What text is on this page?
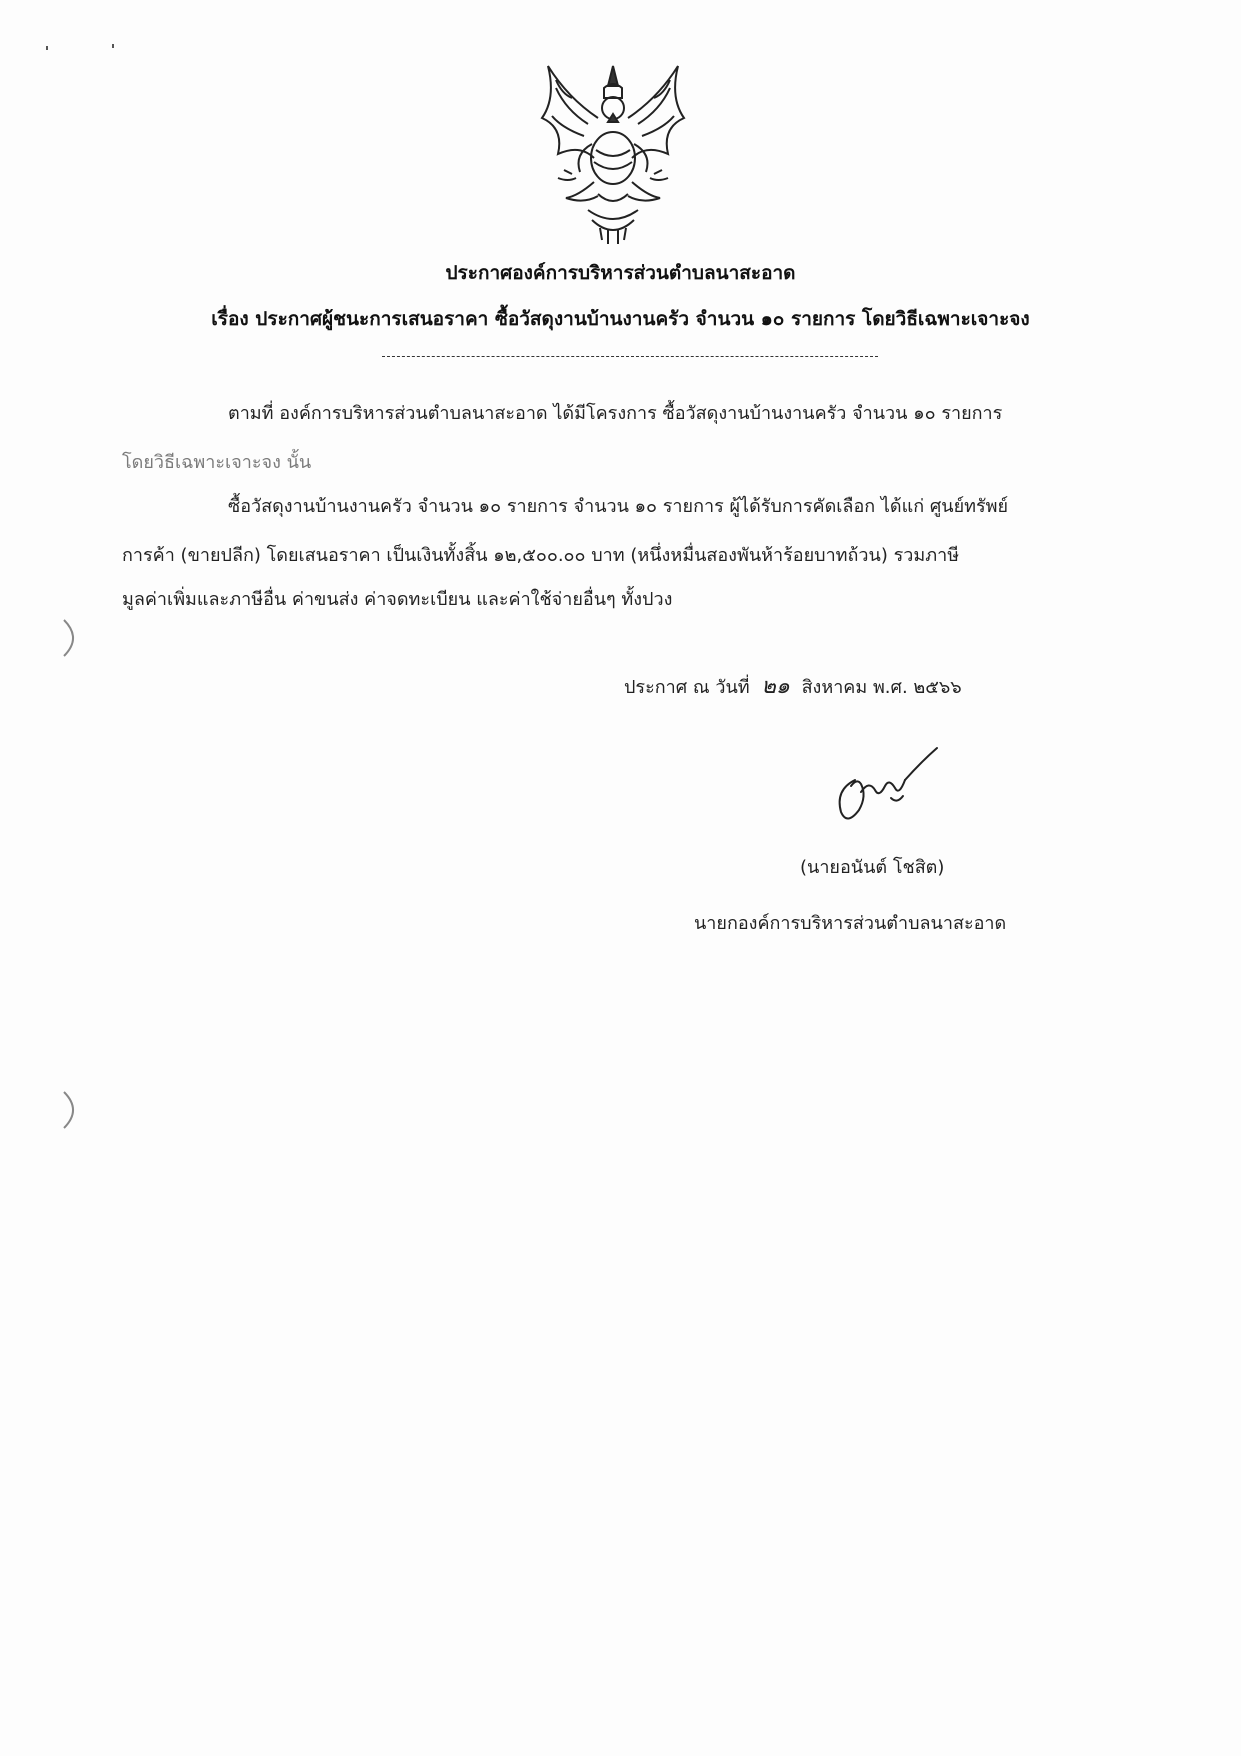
ประกาศองค์การบริหารส่วนตำบลนาสะอาด
เรื่อง ประกาศผู้ชนะการเสนอราคา ซื้อวัสดุงานบ้านงานครัว จำนวน ๑๐ รายการ โดยวิธีเฉพาะเจาะจง
ตามที่ องค์การบริหารส่วนตำบลนาสะอาด ได้มีโครงการ ซื้อวัสดุงานบ้านงานครัว จำนวน ๑๐ รายการ
โดยวิธีเฉพาะเจาะจง นั้น
ซื้อวัสดุงานบ้านงานครัว จำนวน ๑๐ รายการ จำนวน ๑๐ รายการ ผู้ได้รับการคัดเลือก ได้แก่ ศูนย์ทรัพย์
การค้า (ขายปลีก) โดยเสนอราคา เป็นเงินทั้งสิ้น ๑๒,๕๐๐.๐๐ บาท (หนึ่งหมื่นสองพันห้าร้อยบาทถ้วน) รวมภาษี
มูลค่าเพิ่มและภาษีอื่น ค่าขนส่ง ค่าจดทะเบียน และค่าใช้จ่ายอื่นๆ ทั้งปวง
ประกาศ ณ วันที่ ๒๑ สิงหาคม พ.ศ. ๒๕๖๖
(นายอนันต์ โชสิต)
นายกองค์การบริหารส่วนตำบลนาสะอาด
